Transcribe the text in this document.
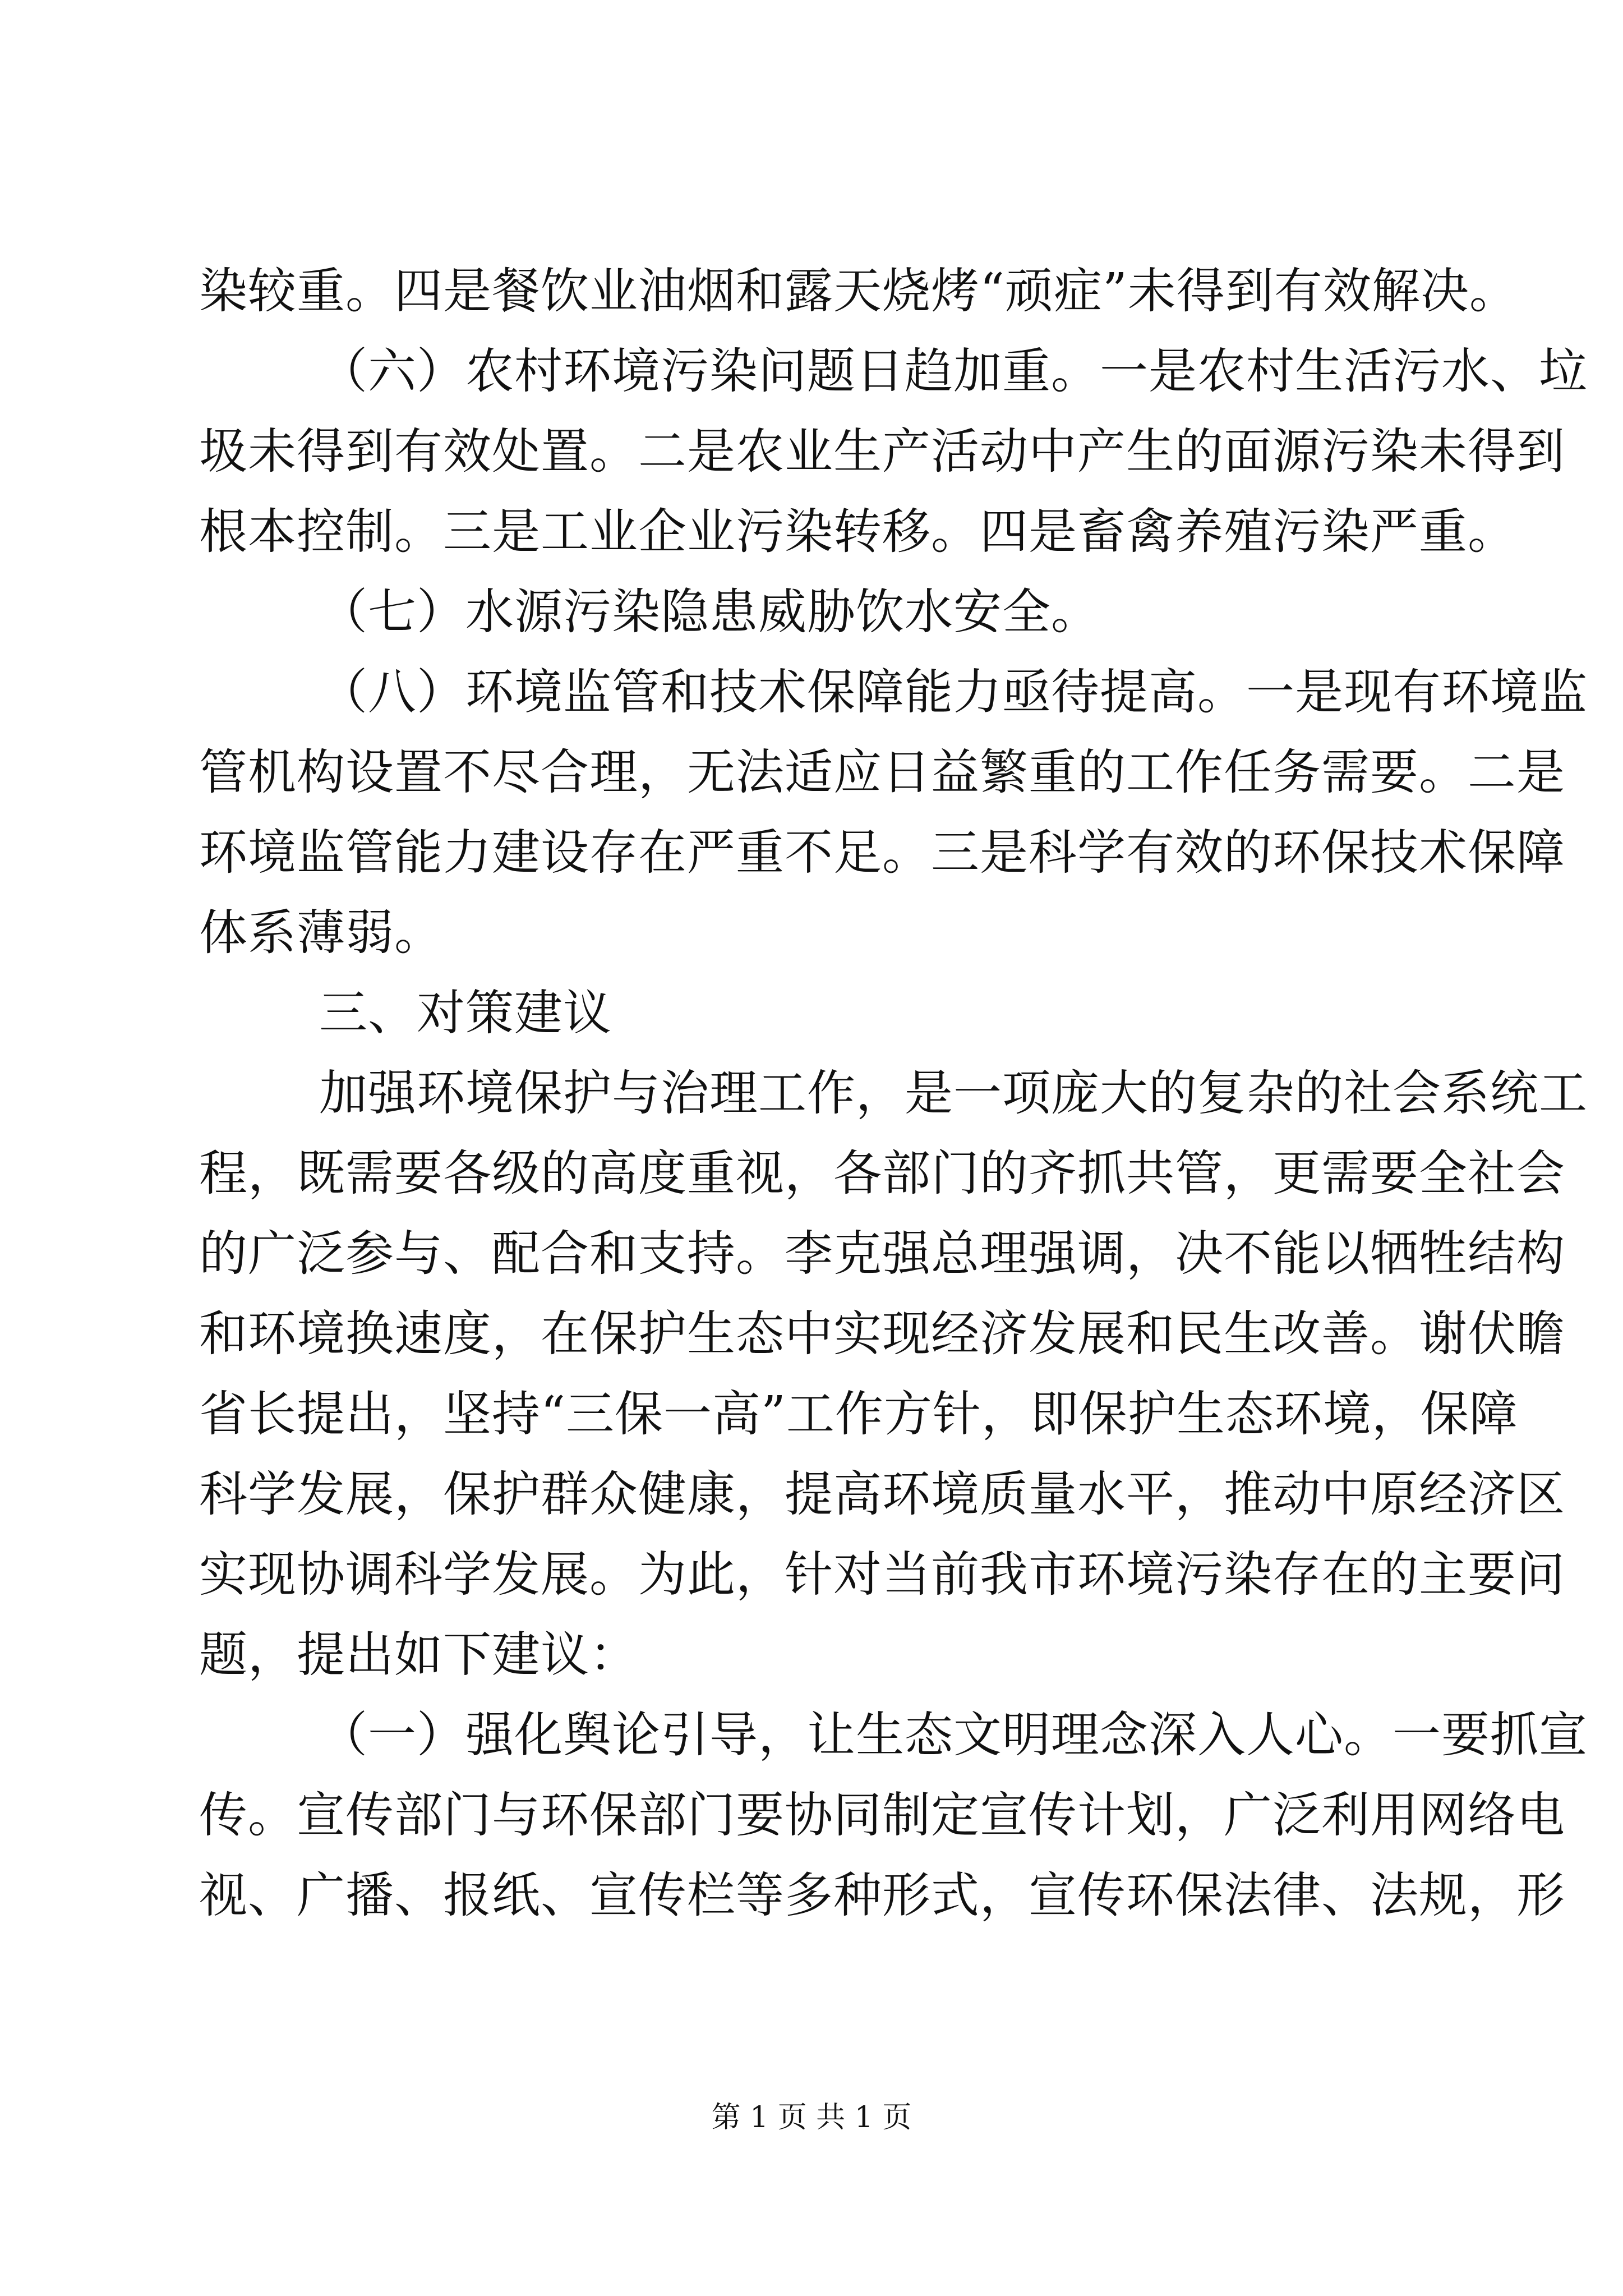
染较重。四是餐饮业油烟和露天烧烤“顽症”未得到有效解决。
（六）农村环境污染问题日趋加重。一是农村生活污水、垃
圾未得到有效处置。二是农业生产活动中产生的面源污染未得到
根本控制。三是工业企业污染转移。四是畜禽养殖污染严重。
（七）水源污染隐患威胁饮水安全。
（八）环境监管和技术保障能力亟待提高。一是现有环境监
管机构设置不尽合理，无法适应日益繁重的工作任务需要。二是
环境监管能力建设存在严重不足。三是科学有效的环保技术保障
体系薄弱。
三、对策建议
加强环境保护与治理工作，是一项庞大的复杂的社会系统工
程，既需要各级的高度重视，各部门的齐抓共管，更需要全社会
的广泛参与、配合和支持。李克强总理强调，决不能以牺牲结构
和环境换速度，在保护生态中实现经济发展和民生改善。谢伏瞻
省长提出，坚持“三保一高”工作方针，即保护生态环境，保障
科学发展，保护群众健康，提高环境质量水平，推动中原经济区
实现协调科学发展。为此，针对当前我市环境污染存在的主要问
题，提出如下建议：
（一）强化舆论引导，让生态文明理念深入人心。一要抓宣
传。宣传部门与环保部门要协同制定宣传计划，广泛利用网络电
视、广播、报纸、宣传栏等多种形式，宣传环保法律、法规，形
第 1 页 共 1 页
